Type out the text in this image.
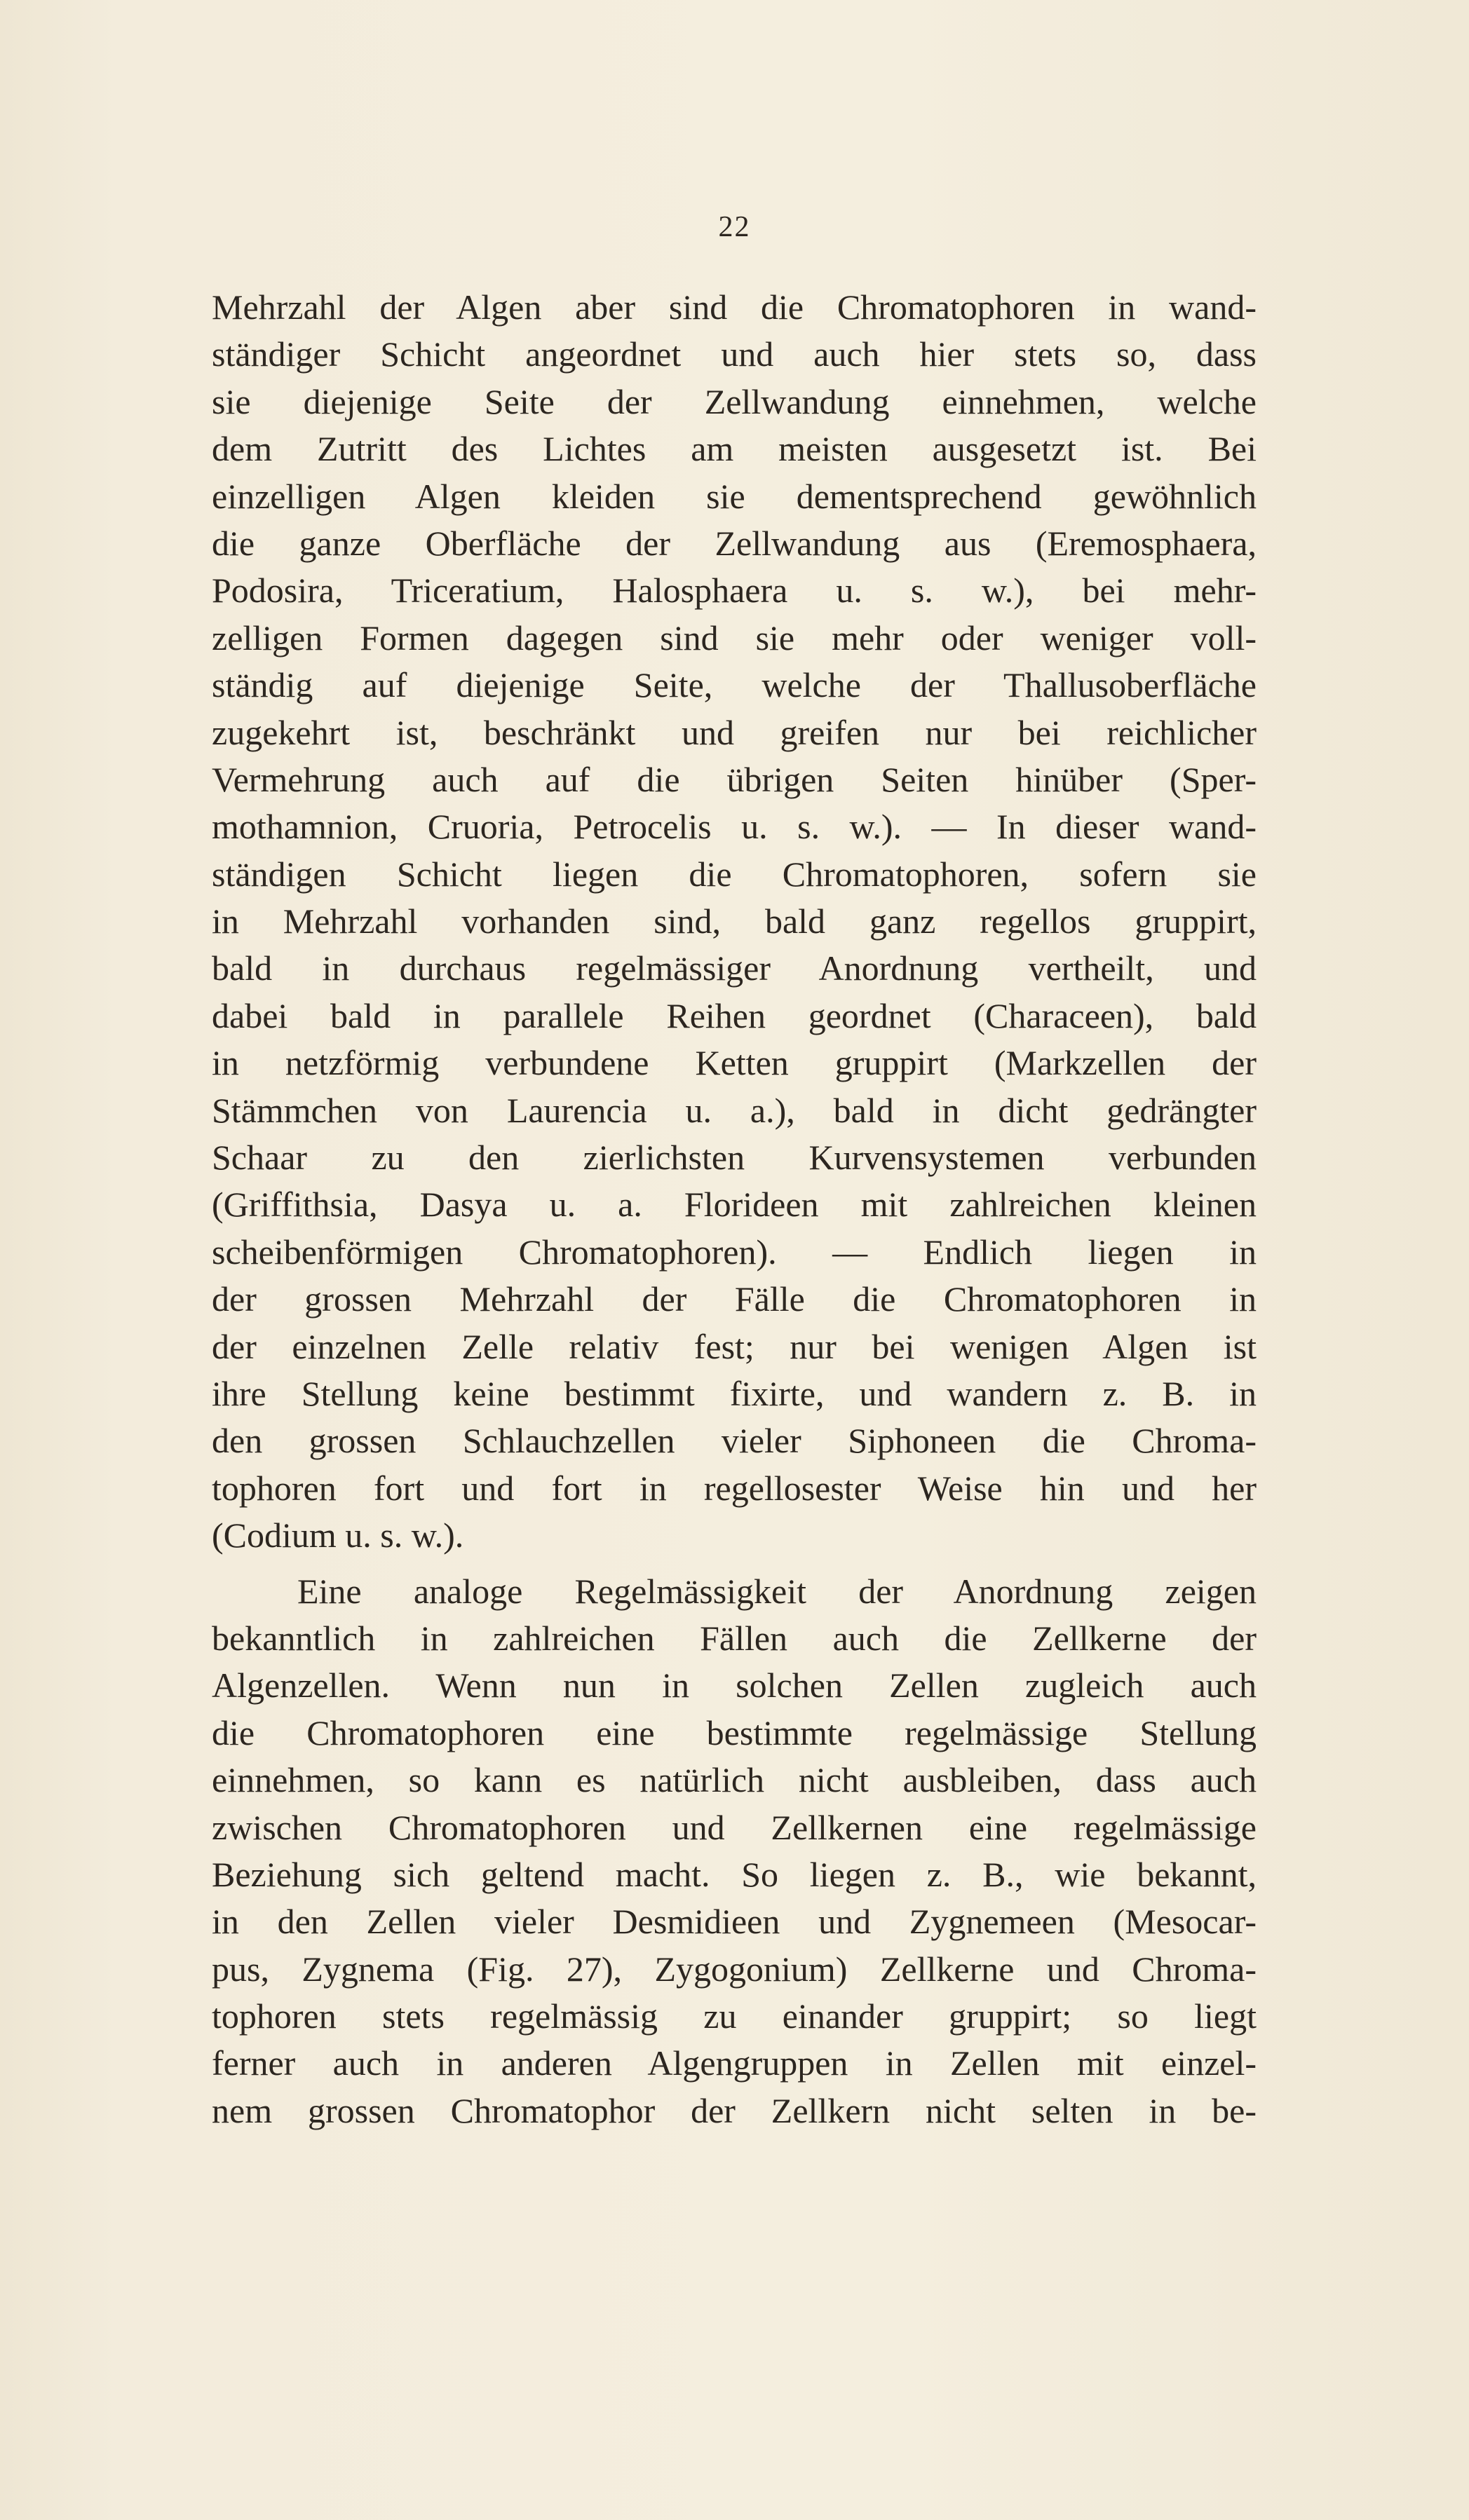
22
Mehrzahl der Algen aber sind die Chromatophoren in wand-
ständiger Schicht angeordnet und auch hier stets so, dass
sie diejenige Seite der Zellwandung einnehmen, welche
dem Zutritt des Lichtes am meisten ausgesetzt ist. Bei
einzelligen Algen kleiden sie dementsprechend gewöhnlich
die ganze Oberfläche der Zellwandung aus (Eremosphaera,
Podosira, Triceratium, Halosphaera u. s. w.), bei mehr-
zelligen Formen dagegen sind sie mehr oder weniger voll-
ständig auf diejenige Seite, welche der Thallusoberfläche
zugekehrt ist, beschränkt und greifen nur bei reichlicher
Vermehrung auch auf die übrigen Seiten hinüber (Sper-
mothamnion, Cruoria, Petrocelis u. s. w.). — In dieser wand-
ständigen Schicht liegen die Chromatophoren, sofern sie
in Mehrzahl vorhanden sind, bald ganz regellos gruppirt,
bald in durchaus regelmässiger Anordnung vertheilt, und
dabei bald in parallele Reihen geordnet (Characeen), bald
in netzförmig verbundene Ketten gruppirt (Markzellen der
Stämmchen von Laurencia u. a.), bald in dicht gedrängter
Schaar zu den zierlichsten Kurvensystemen verbunden
(Griffithsia, Dasya u. a. Florideen mit zahlreichen kleinen
scheibenförmigen Chromatophoren). — Endlich liegen in
der grossen Mehrzahl der Fälle die Chromatophoren in
der einzelnen Zelle relativ fest; nur bei wenigen Algen ist
ihre Stellung keine bestimmt fixirte, und wandern z. B. in
den grossen Schlauchzellen vieler Siphoneen die Chroma-
tophoren fort und fort in regellosester Weise hin und her
(Codium u. s. w.).
Eine analoge Regelmässigkeit der Anordnung zeigen
bekanntlich in zahlreichen Fällen auch die Zellkerne der
Algenzellen. Wenn nun in solchen Zellen zugleich auch
die Chromatophoren eine bestimmte regelmässige Stellung
einnehmen, so kann es natürlich nicht ausbleiben, dass auch
zwischen Chromatophoren und Zellkernen eine regelmässige
Beziehung sich geltend macht. So liegen z. B., wie bekannt,
in den Zellen vieler Desmidieen und Zygnemeen (Mesocar-
pus, Zygnema (Fig. 27), Zygogonium) Zellkerne und Chroma-
tophoren stets regelmässig zu einander gruppirt; so liegt
ferner auch in anderen Algengruppen in Zellen mit einzel-
nem grossen Chromatophor der Zellkern nicht selten in be-
